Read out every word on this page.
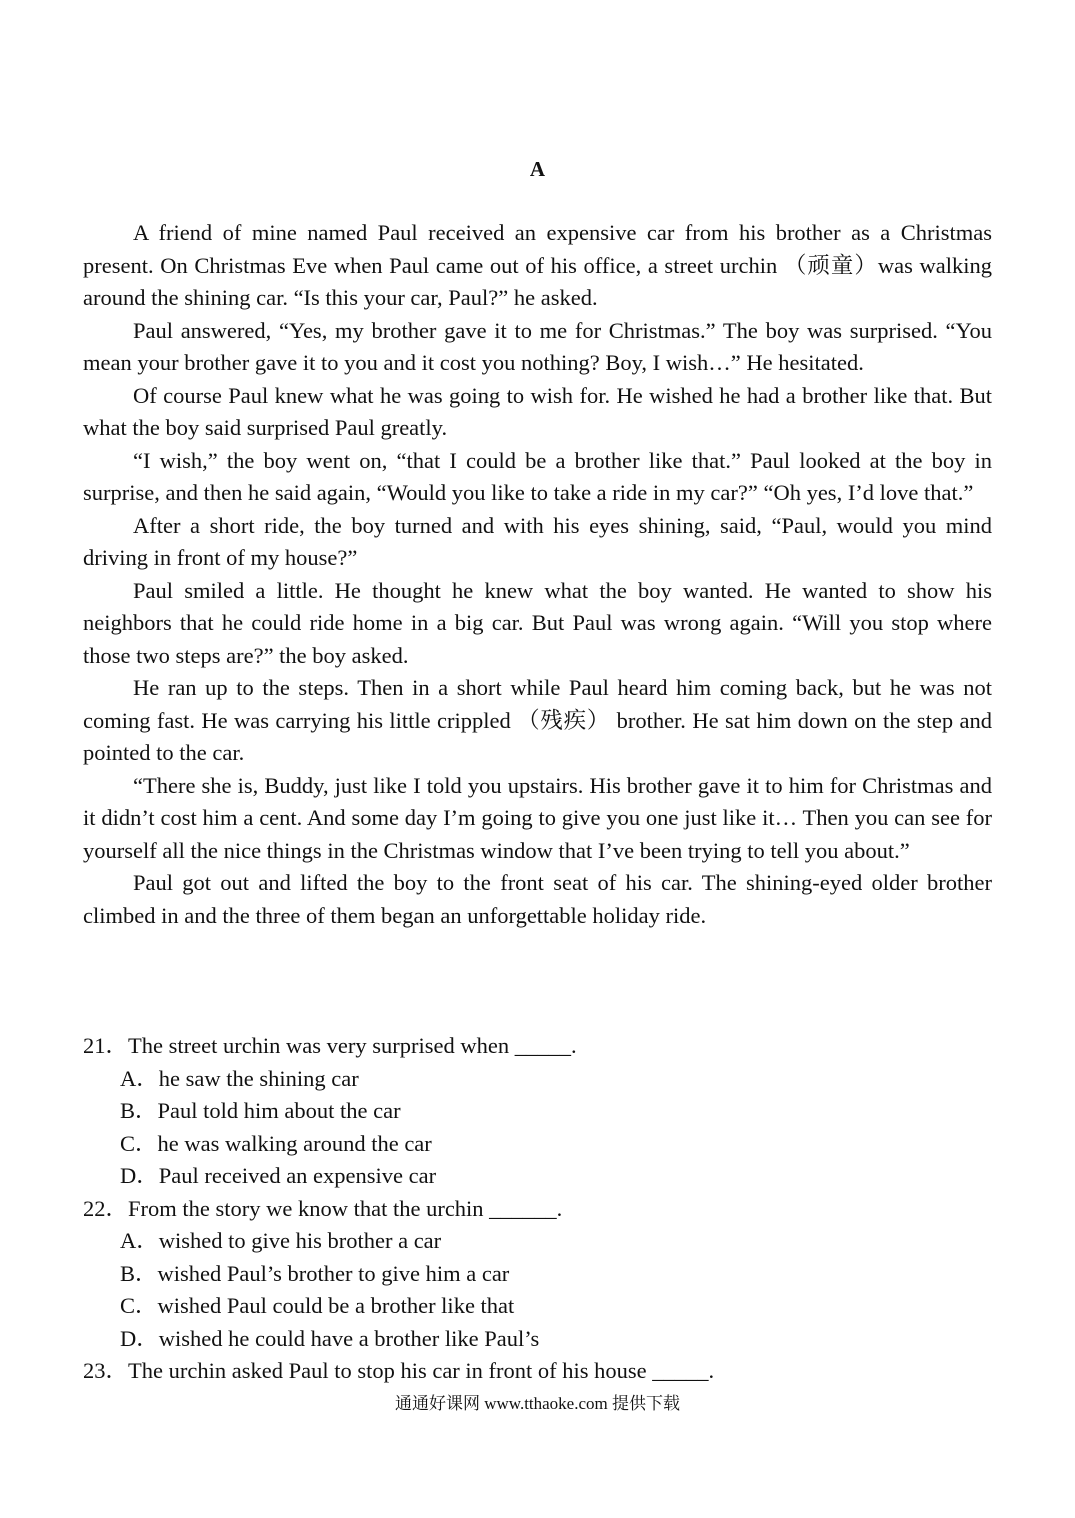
A

A friend of mine named Paul received an expensive car from his brother as a Christmas present. On Christmas Eve when Paul came out of his office, a street urchin （顽童）was walking around the shining car. “Is this your car, Paul?” he asked.

Paul answered, “Yes, my brother gave it to me for Christmas.” The boy was surprised. “You mean your brother gave it to you and it cost you nothing? Boy, I wish…” He hesitated.

Of course Paul knew what he was going to wish for. He wished he had a brother like that. But what the boy said surprised Paul greatly.

“I wish,” the boy went on, “that I could be a brother like that.” Paul looked at the boy in surprise, and then he said again, “Would you like to take a ride in my car?” “Oh yes, I’d love that.”

After a short ride, the boy turned and with his eyes shining, said, “Paul, would you mind driving in front of my house?”

Paul smiled a little. He thought he knew what the boy wanted. He wanted to show his neighbors that he could ride home in a big car. But Paul was wrong again. “Will you stop where those two steps are?” the boy asked.

He ran up to the steps. Then in a short while Paul heard him coming back, but he was not coming fast. He was carrying his little crippled （残疾） brother. He sat him down on the step and pointed to the car.

“There she is, Buddy, just like I told you upstairs. His brother gave it to him for Christmas and it didn’t cost him a cent. And some day I’m going to give you one just like it… Then you can see for yourself all the nice things in the Christmas window that I’ve been trying to tell you about.”

Paul got out and lifted the boy to the front seat of his car. The shining-eyed older brother climbed in and the three of them began an unforgettable holiday ride.

21．The street urchin was very surprised when _____.
A．he saw the shining car
B．Paul told him about the car
C．he was walking around the car
D．Paul received an expensive car
22．From the story we know that the urchin ______.
A．wished to give his brother a car
B．wished Paul’s brother to give him a car
C．wished Paul could be a brother like that
D．wished he could have a brother like Paul’s
23．The urchin asked Paul to stop his car in front of his house _____.
通通好课网 www.tthaoke.com 提供下载
